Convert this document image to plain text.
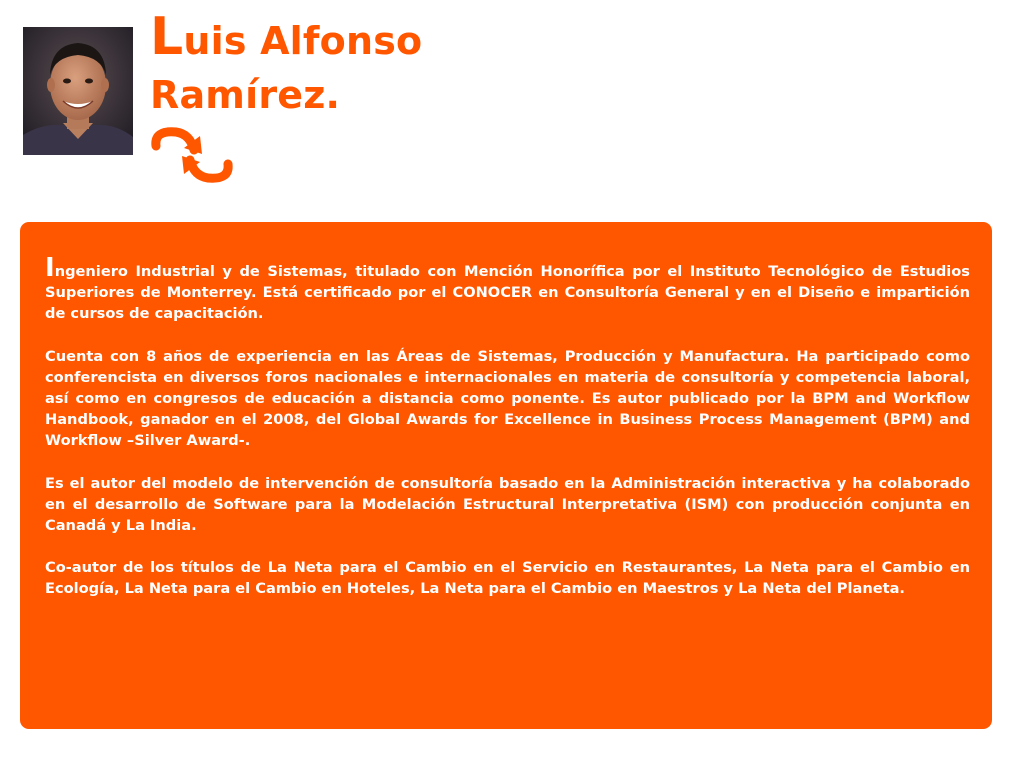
Luis Alfonso
Ramírez.

Ingeniero Industrial y de Sistemas, titulado con Mención Honorífica por el Instituto Tecnológico de Estudios Superiores de Monterrey. Está certificado por el CONOCER en Consultoría General y en el Diseño e impartición de cursos de capacitación.

Cuenta con 8 años de experiencia en las Áreas de Sistemas, Producción y Manufactura. Ha participado como conferencista en diversos foros nacionales e internacionales en materia de consultoría y competencia laboral, así como en congresos de educación a distancia como ponente. Es autor publicado por la BPM and Workflow Handbook, ganador en el 2008, del Global Awards for Excellence in Business Process Management (BPM) and Workflow –Silver Award-.

Es el autor del modelo de intervención de consultoría basado en la Administración interactiva y ha colaborado en el desarrollo de Software para la Modelación Estructural Interpretativa (ISM) con producción conjunta en Canadá y La India.

Co-autor de los títulos de La Neta para el Cambio en el Servicio en Restaurantes, La Neta para el Cambio en Ecología, La Neta para el Cambio en Hoteles, La Neta para el Cambio en Maestros y La Neta del Planeta.
